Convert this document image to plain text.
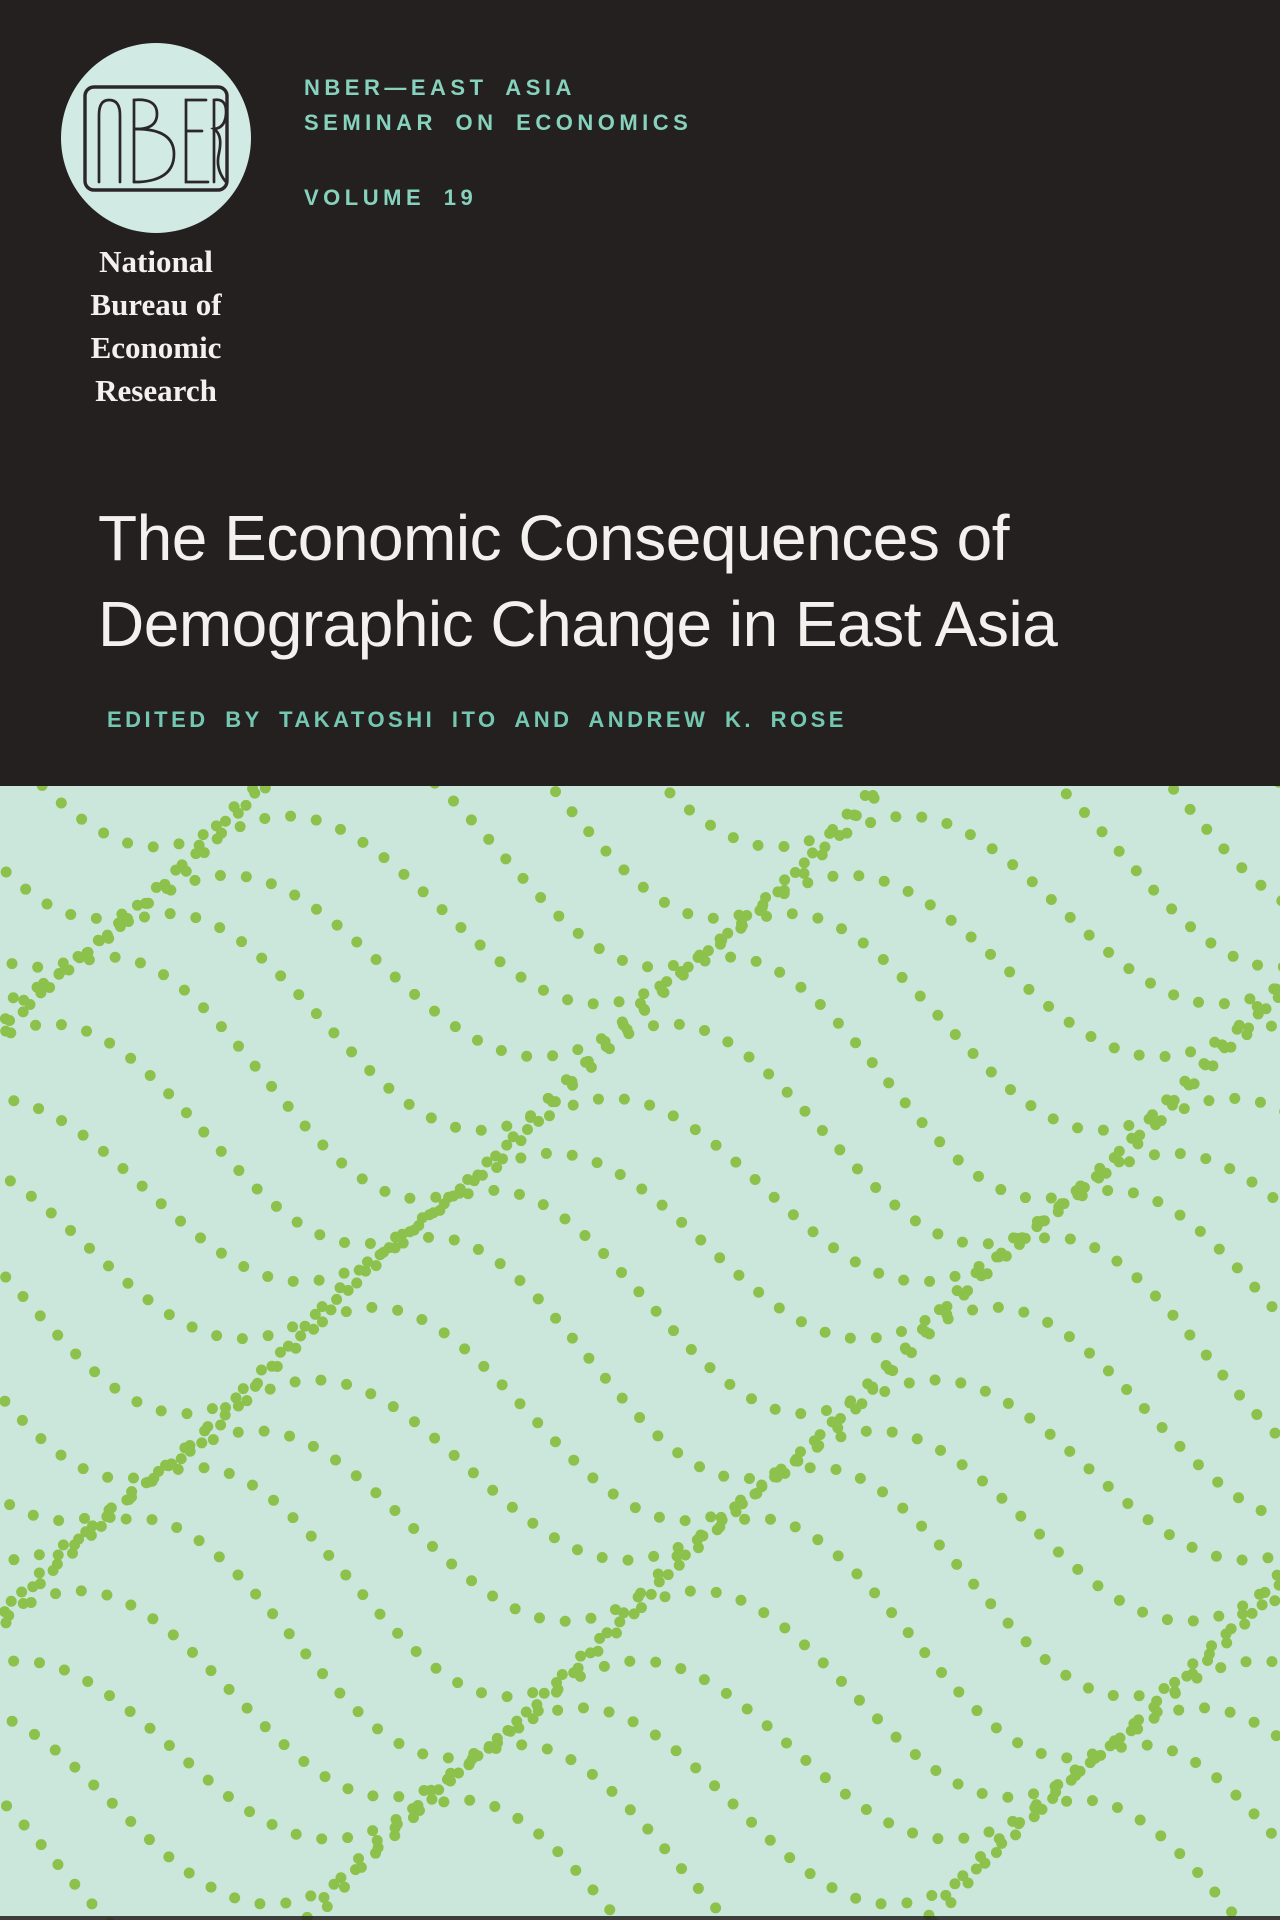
National
Bureau of
Economic
Research
NBER—EAST ASIA
SEMINAR ON ECONOMICS
VOLUME 19
The Economic Consequences of
Demographic Change in East Asia
EDITED BY TAKATOSHI ITO AND ANDREW K. ROSE
